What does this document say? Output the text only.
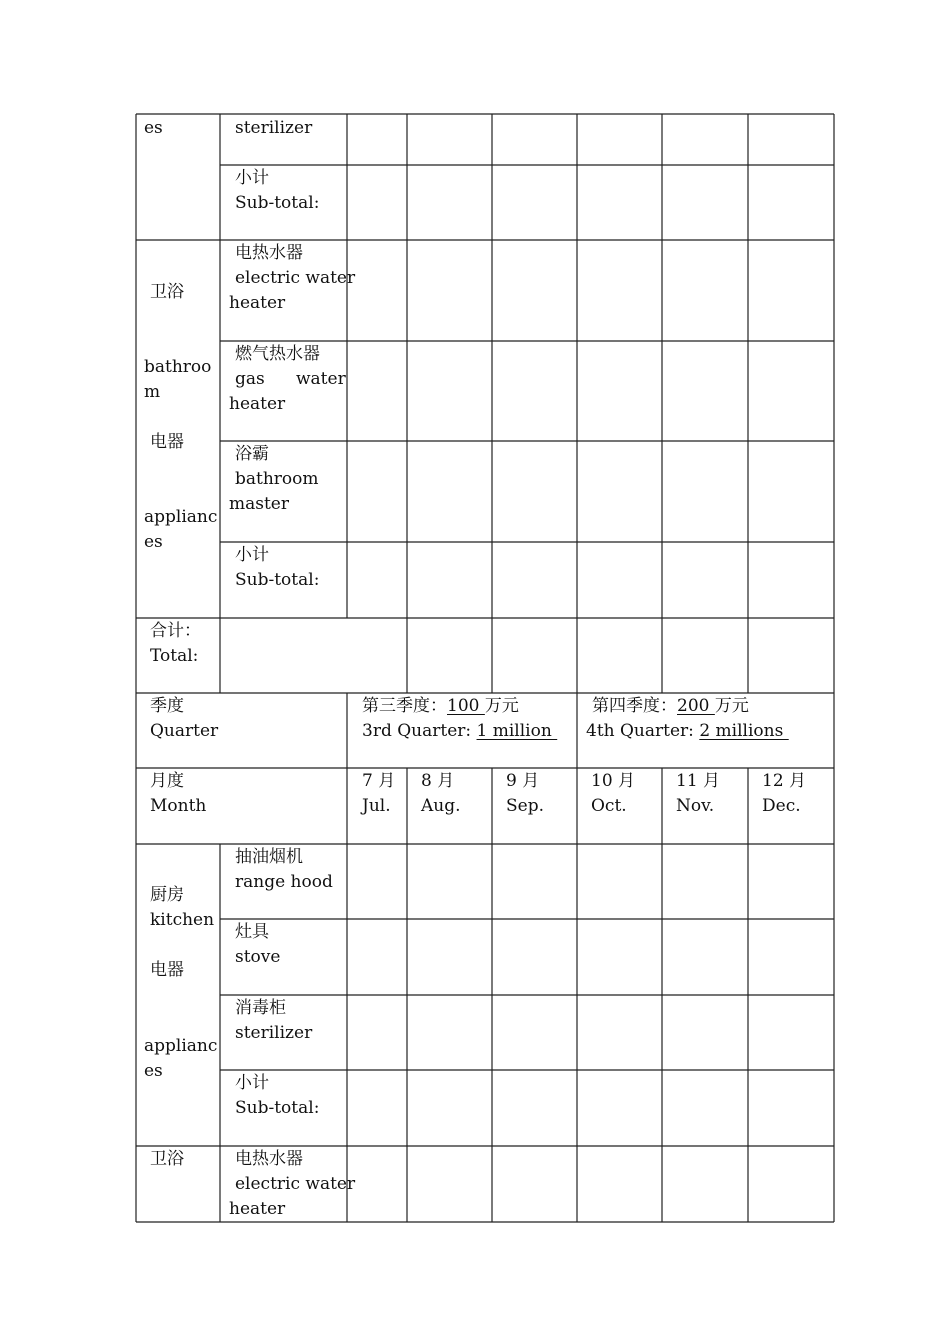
es	sterilizer
小计
Sub-total:
卫浴
bathroo
m
电器
applianc
es
电热水器
electric water
heater
燃气热水器
gas water
heater
浴霸
bathroom
master
小计
Sub-total:
合计：
Total:
季度
Quarter
第三季度：100 万元
3rd Quarter: 1 million
第四季度：200 万元
4th Quarter: 2 millions
月度
Month
7 月
Jul.
8 月
Aug.
9 月
Sep.
10 月
Oct.
11 月
Nov.
12 月
Dec.
厨房
kitchen
电器
applianc
es
抽油烟机
range hood
灶具
stove
消毒柜
sterilizer
小计
Sub-total:
卫浴	电热水器
electric water
heater
